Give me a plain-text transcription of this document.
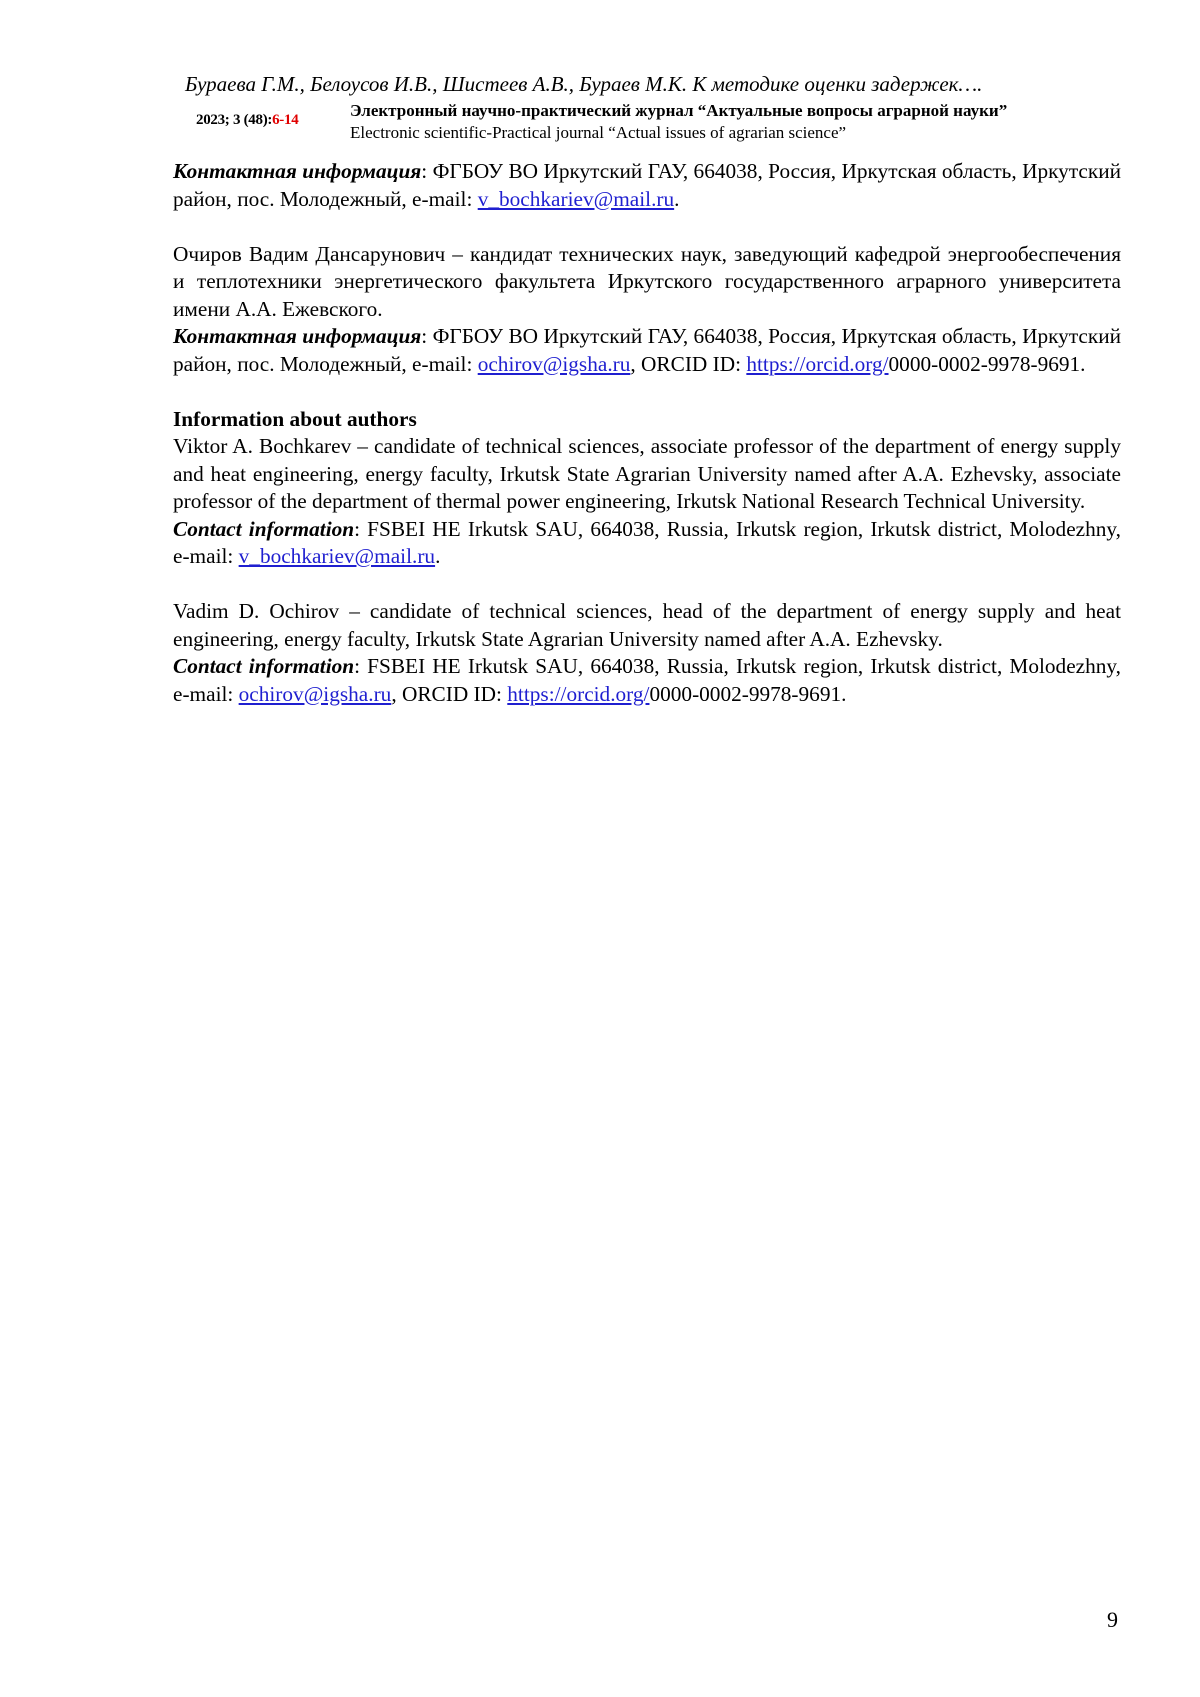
Бураева Г.М., Белоусов И.В., Шистеев А.В., Бураев М.К. К методике оценки задержек….
2023; 3 (48):6-14	Электронный научно-практический журнал “Актуальные вопросы аграрной науки”
Electronic scientific-Practical journal “Actual issues of agrarian science”

Контактная информация: ФГБОУ ВО Иркутский ГАУ, 664038, Россия, Иркутская область, Иркутский район, пос. Молодежный, e-mail: v_bochkariev@mail.ru.

Очиров Вадим Дансарунович – кандидат технических наук, заведующий кафедрой энергообеспечения и теплотехники энергетического факультета Иркутского государственного аграрного университета имени А.А. Ежевского.

Контактная информация: ФГБОУ ВО Иркутский ГАУ, 664038, Россия, Иркутская область, Иркутский район, пос. Молодежный, e-mail: ochirov@igsha.ru, ORCID ID: https://orcid.org/0000-0002-9978-9691.

Information about authors

Viktor A. Bochkarev – candidate of technical sciences, associate professor of the department of energy supply and heat engineering, energy faculty, Irkutsk State Agrarian University named after A.A. Ezhevsky, associate professor of the department of thermal power engineering, Irkutsk National Research Technical University.

Contact information: FSBEI HE Irkutsk SAU, 664038, Russia, Irkutsk region, Irkutsk district, Molodezhny, e-mail: v_bochkariev@mail.ru.

Vadim D. Ochirov – candidate of technical sciences, head of the department of energy supply and heat engineering, energy faculty, Irkutsk State Agrarian University named after A.A. Ezhevsky.

Contact information: FSBEI HE Irkutsk SAU, 664038, Russia, Irkutsk region, Irkutsk district, Molodezhny, e-mail: ochirov@igsha.ru, ORCID ID: https://orcid.org/0000-0002-9978-9691.

9
